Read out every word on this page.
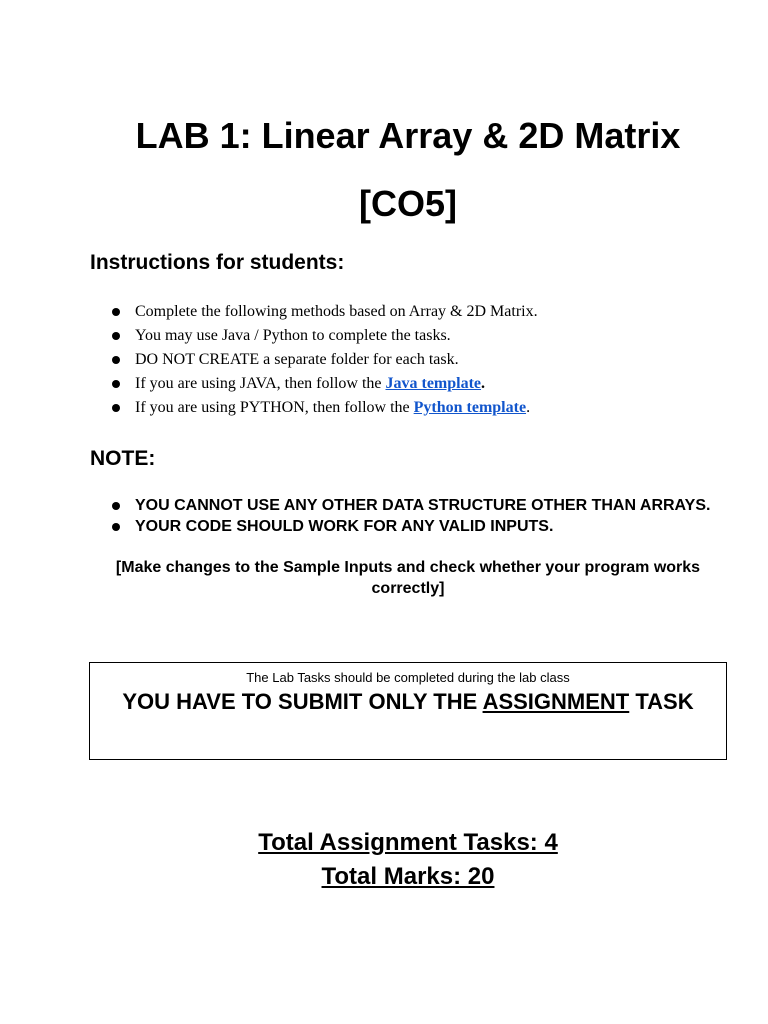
LAB 1: Linear Array & 2D Matrix
[CO5]
Instructions for students:
Complete the following methods based on Array & 2D Matrix.
You may use Java / Python to complete the tasks.
DO NOT CREATE a separate folder for each task.
If you are using JAVA, then follow the Java template.
If you are using PYTHON, then follow the Python template.
NOTE:
YOU CANNOT USE ANY OTHER DATA STRUCTURE OTHER THAN ARRAYS.
YOUR CODE SHOULD WORK FOR ANY VALID INPUTS.
[Make changes to the Sample Inputs and check whether your program works correctly]
The Lab Tasks should be completed during the lab class
YOU HAVE TO SUBMIT ONLY THE ASSIGNMENT TASK
Total Assignment Tasks: 4
Total Marks: 20
